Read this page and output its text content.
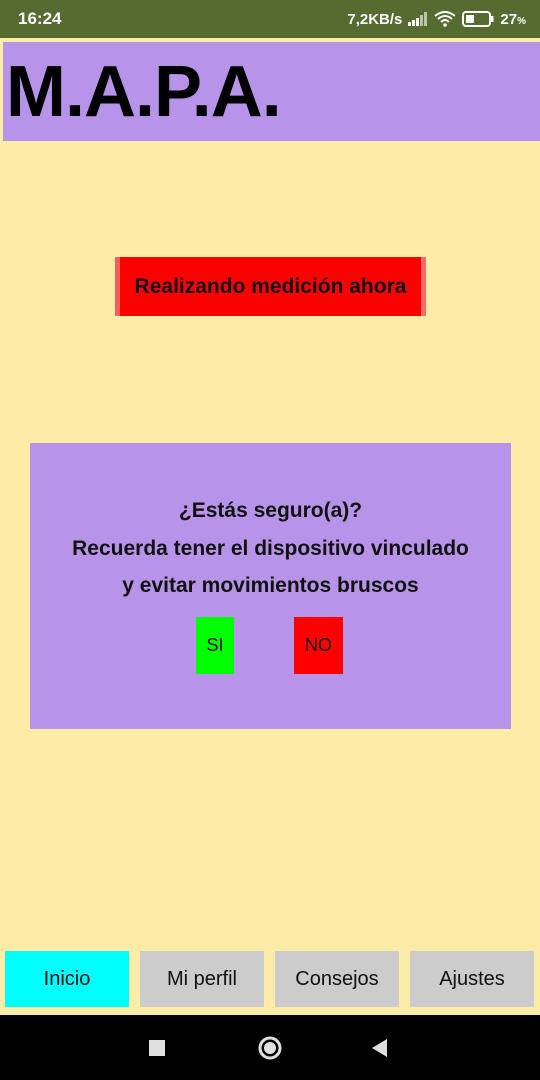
16:24	7,2KB/s	27%
M.A.P.A.
Realizando medición ahora
¿Estás seguro(a)?
Recuerda tener el dispositivo vinculado
y evitar movimientos bruscos
SI	NO
Inicio	Mi perfil	Consejos	Ajustes
